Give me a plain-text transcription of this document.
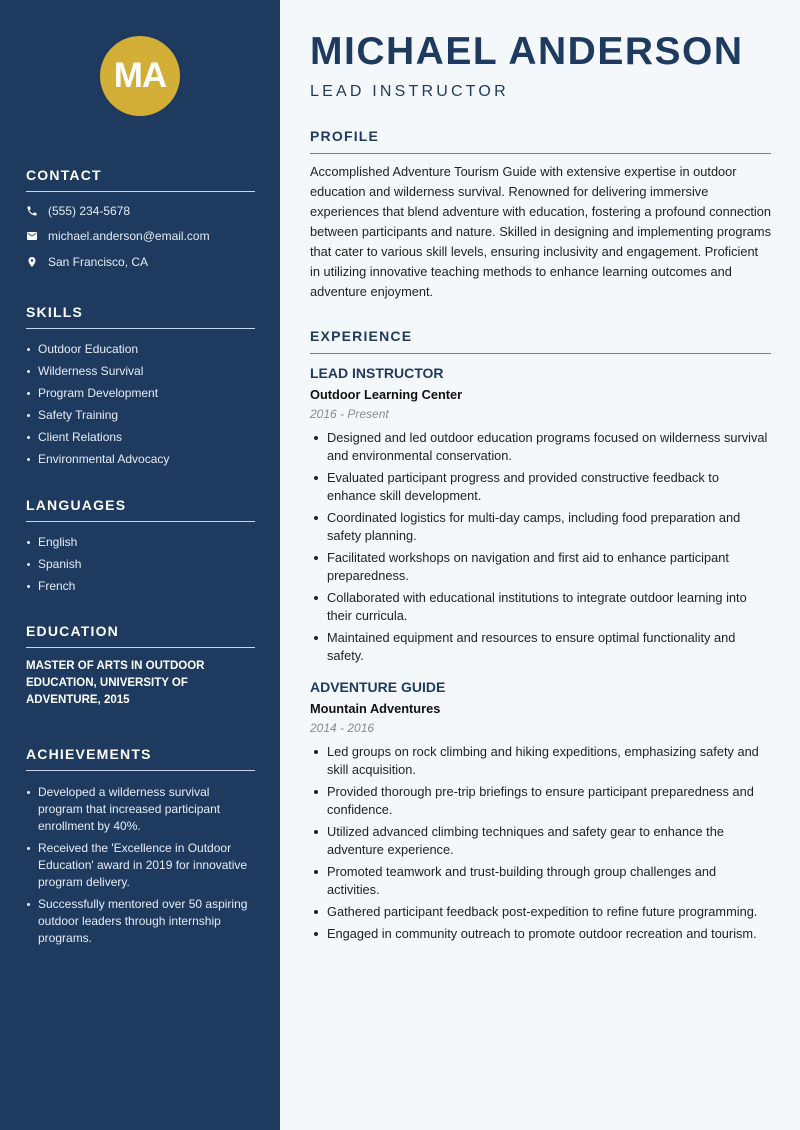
MA
CONTACT
(555) 234-5678
michael.anderson@email.com
San Francisco, CA
SKILLS
Outdoor Education
Wilderness Survival
Program Development
Safety Training
Client Relations
Environmental Advocacy
LANGUAGES
English
Spanish
French
EDUCATION
MASTER OF ARTS IN OUTDOOR EDUCATION, UNIVERSITY OF ADVENTURE, 2015
ACHIEVEMENTS
Developed a wilderness survival program that increased participant enrollment by 40%.
Received the 'Excellence in Outdoor Education' award in 2019 for innovative program delivery.
Successfully mentored over 50 aspiring outdoor leaders through internship programs.
MICHAEL ANDERSON
LEAD INSTRUCTOR
PROFILE
Accomplished Adventure Tourism Guide with extensive expertise in outdoor education and wilderness survival. Renowned for delivering immersive experiences that blend adventure with education, fostering a profound connection between participants and nature. Skilled in designing and implementing programs that cater to various skill levels, ensuring inclusivity and engagement. Proficient in utilizing innovative teaching methods to enhance learning outcomes and adventure enjoyment.
EXPERIENCE
LEAD INSTRUCTOR
Outdoor Learning Center
2016 - Present
Designed and led outdoor education programs focused on wilderness survival and environmental conservation.
Evaluated participant progress and provided constructive feedback to enhance skill development.
Coordinated logistics for multi-day camps, including food preparation and safety planning.
Facilitated workshops on navigation and first aid to enhance participant preparedness.
Collaborated with educational institutions to integrate outdoor learning into their curricula.
Maintained equipment and resources to ensure optimal functionality and safety.
ADVENTURE GUIDE
Mountain Adventures
2014 - 2016
Led groups on rock climbing and hiking expeditions, emphasizing safety and skill acquisition.
Provided thorough pre-trip briefings to ensure participant preparedness and confidence.
Utilized advanced climbing techniques and safety gear to enhance the adventure experience.
Promoted teamwork and trust-building through group challenges and activities.
Gathered participant feedback post-expedition to refine future programming.
Engaged in community outreach to promote outdoor recreation and tourism.
